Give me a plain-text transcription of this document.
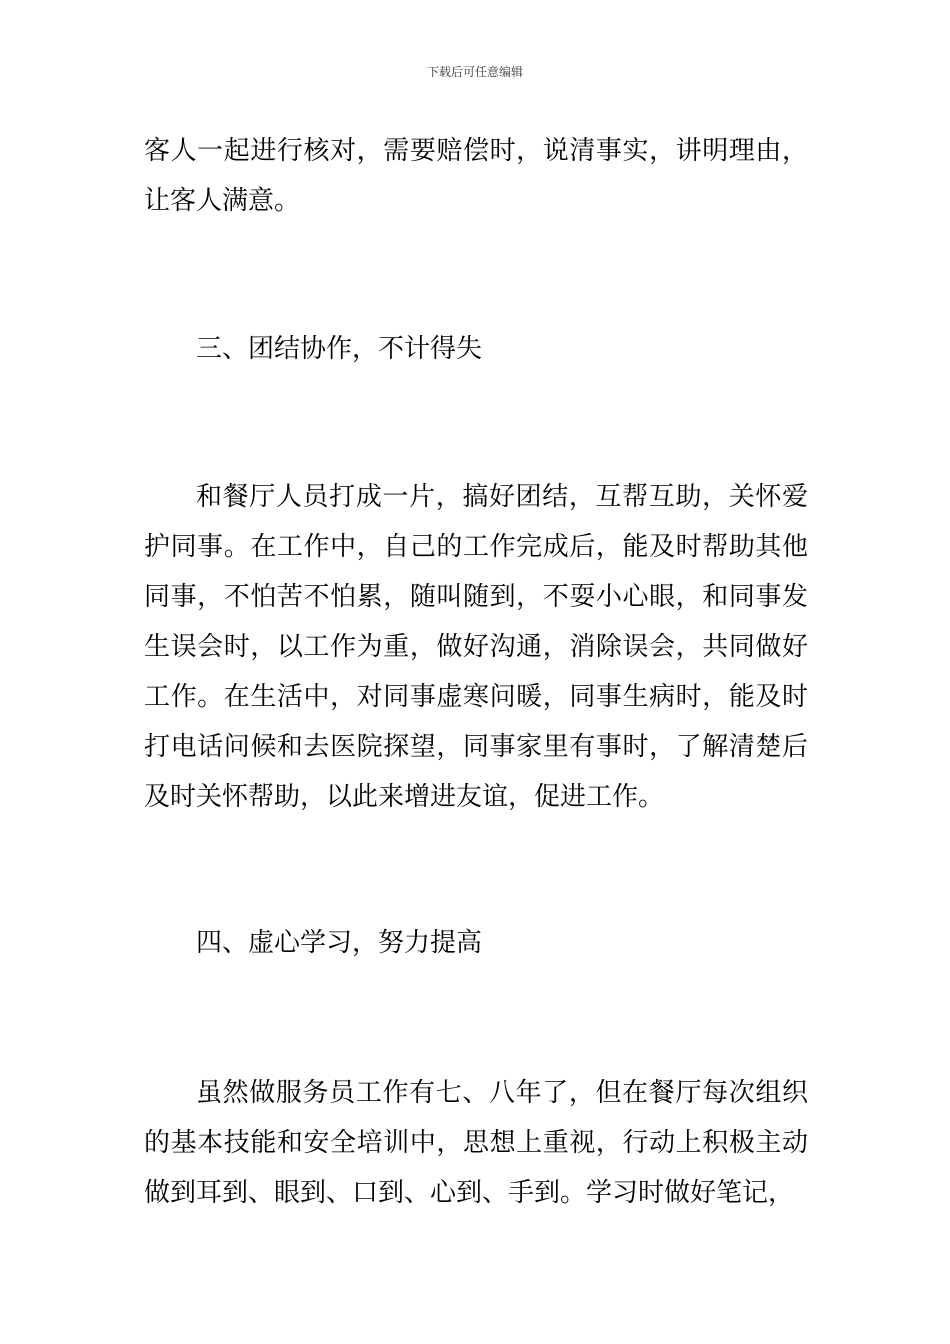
下载后可任意编辑

客人一起进行核对，需要赔偿时，说清事实，讲明理由，让客人满意。

三、团结协作，不计得失

和餐厅人员打成一片，搞好团结，互帮互助，关怀爱护同事。在工作中，自己的工作完成后，能及时帮助其他同事，不怕苦不怕累，随叫随到，不耍小心眼，和同事发生误会时，以工作为重，做好沟通，消除误会，共同做好工作。在生活中，对同事虚寒问暖，同事生病时，能及时打电话问候和去医院探望，同事家里有事时，了解清楚后及时关怀帮助，以此来增进友谊，促进工作。

四、虚心学习，努力提高

虽然做服务员工作有七、八年了，但在餐厅每次组织的基本技能和安全培训中，思想上重视，行动上积极主动做到耳到、眼到、口到、心到、手到。学习时做好笔记，
